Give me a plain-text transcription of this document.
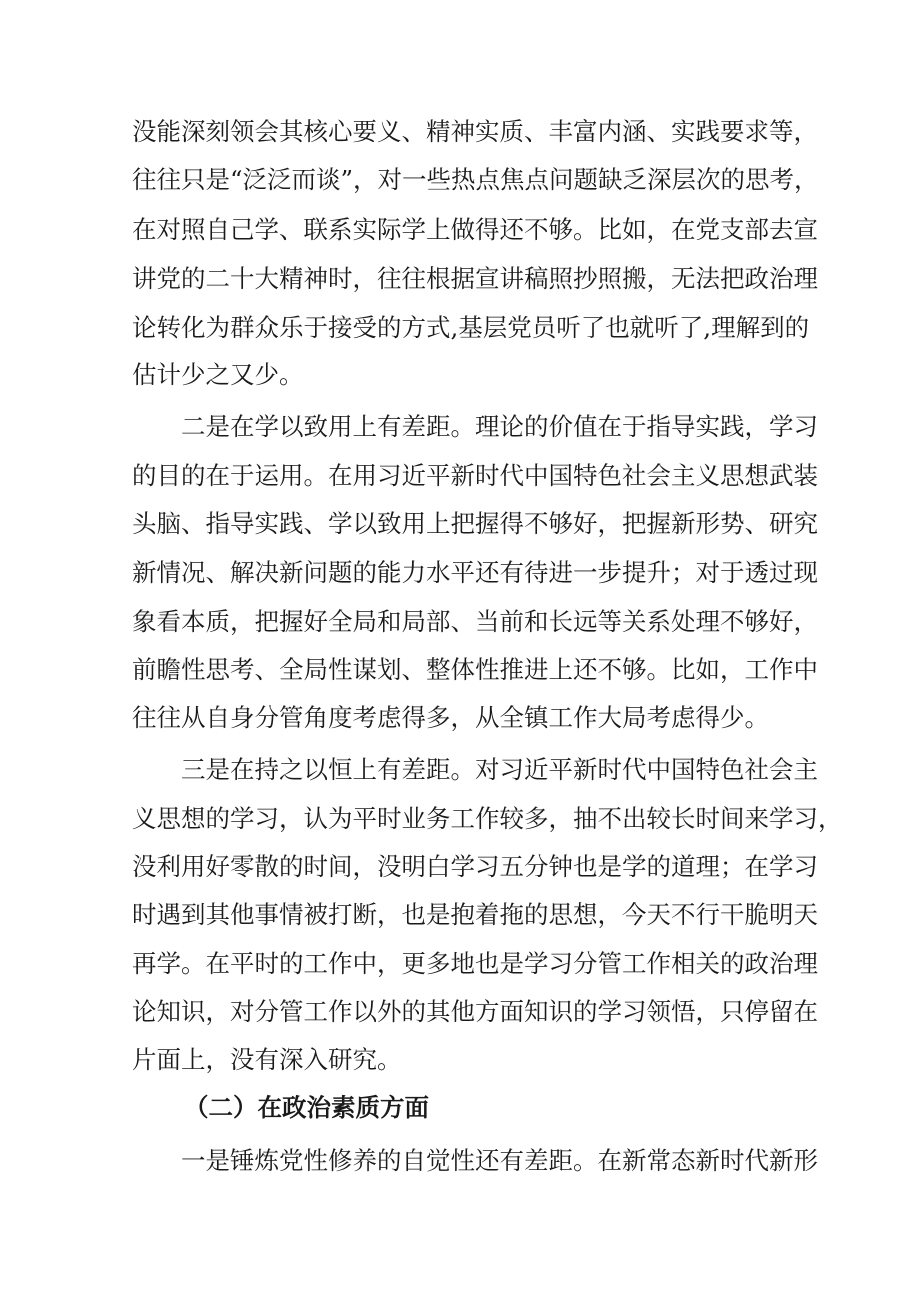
没能深刻领会其核心要义、精神实质、丰富内涵、实践要求等，

往往只是“泛泛而谈”，对一些热点焦点问题缺乏深层次的思考，

在对照自己学、联系实际学上做得还不够。比如，在党支部去宣

讲党的二十大精神时，往往根据宣讲稿照抄照搬，无法把政治理

论转化为群众乐于接受的方式,基层党员听了也就听了,理解到的

估计少之又少。

二是在学以致用上有差距。理论的价值在于指导实践，学习

的目的在于运用。在用习近平新时代中国特色社会主义思想武装

头脑、指导实践、学以致用上把握得不够好，把握新形势、研究

新情况、解决新问题的能力水平还有待进一步提升；对于透过现

象看本质，把握好全局和局部、当前和长远等关系处理不够好，

前瞻性思考、全局性谋划、整体性推进上还不够。比如，工作中

往往从自身分管角度考虑得多，从全镇工作大局考虑得少。

三是在持之以恒上有差距。对习近平新时代中国特色社会主

义思想的学习，认为平时业务工作较多，抽不出较长时间来学习，

没利用好零散的时间，没明白学习五分钟也是学的道理；在学习

时遇到其他事情被打断，也是抱着拖的思想，今天不行干脆明天

再学。在平时的工作中，更多地也是学习分管工作相关的政治理

论知识，对分管工作以外的其他方面知识的学习领悟，只停留在

片面上，没有深入研究。

（二）在政治素质方面

一是锤炼党性修养的自觉性还有差距。在新常态新时代新形
